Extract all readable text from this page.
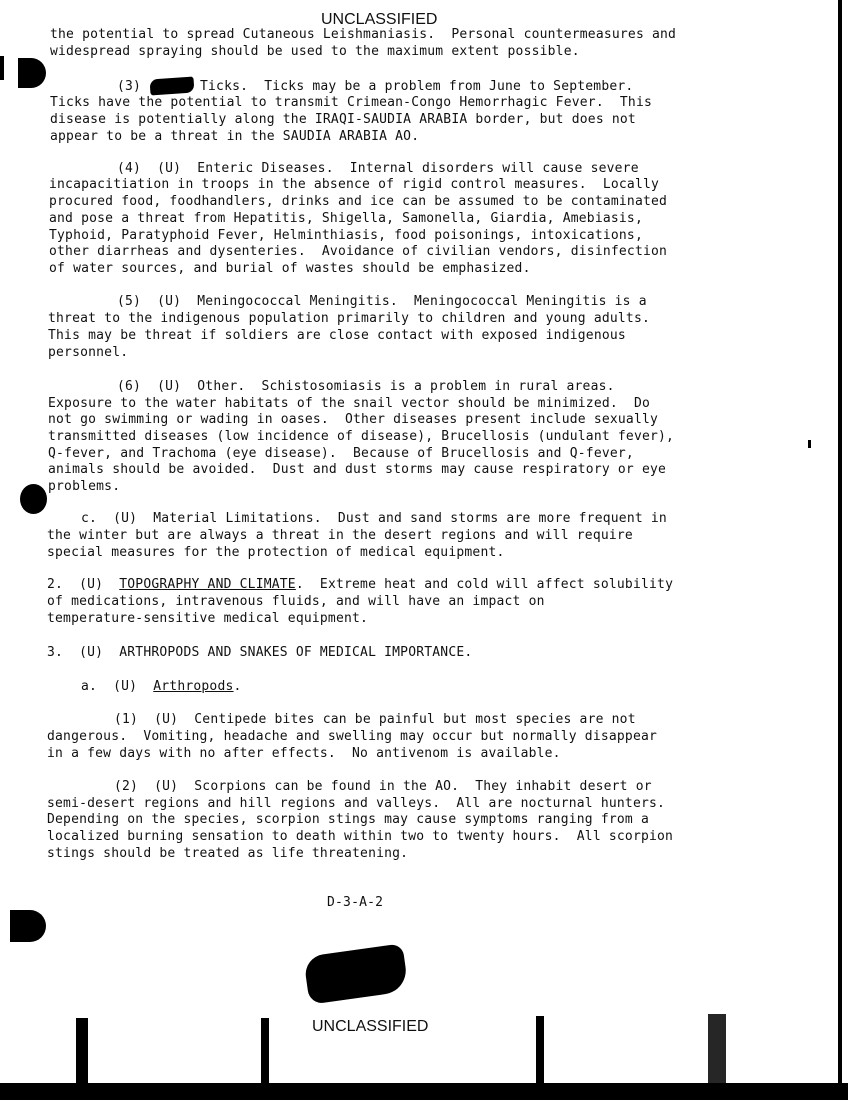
UNCLASSIFIED
the potential to spread Cutaneous Leishmaniasis.  Personal countermeasures and
widespread spraying should be used to the maximum extent possible.
(3)	Ticks.  Ticks may be a problem from June to September.
Ticks have the potential to transmit Crimean-Congo Hemorrhagic Fever.  This
disease is potentially along the IRAQI-SAUDIA ARABIA border, but does not
appear to be a threat in the SAUDIA ARABIA AO.
(4)  (U)  Enteric Diseases.  Internal disorders will cause severe
incapacitiation in troops in the absence of rigid control measures.  Locally
procured food, foodhandlers, drinks and ice can be assumed to be contaminated
and pose a threat from Hepatitis, Shigella, Samonella, Giardia, Amebiasis,
Typhoid, Paratyphoid Fever, Helminthiasis, food poisonings, intoxications,
other diarrheas and dysenteries.  Avoidance of civilian vendors, disinfection
of water sources, and burial of wastes should be emphasized.
(5)  (U)  Meningococcal Meningitis.  Meningococcal Meningitis is a
threat to the indigenous population primarily to children and young adults.
This may be threat if soldiers are close contact with exposed indigenous
personnel.
(6)  (U)  Other.  Schistosomiasis is a problem in rural areas.
Exposure to the water habitats of the snail vector should be minimized.  Do
not go swimming or wading in oases.  Other diseases present include sexually
transmitted diseases (low incidence of disease), Brucellosis (undulant fever),
Q-fever, and Trachoma (eye disease).  Because of Brucellosis and Q-fever,
animals should be avoided.  Dust and dust storms may cause respiratory or eye
problems.
c.  (U)  Material Limitations.  Dust and sand storms are more frequent in
the winter but are always a threat in the desert regions and will require
special measures for the protection of medical equipment.
2.  (U)  TOPOGRAPHY AND CLIMATE.  Extreme heat and cold will affect solubility
of medications, intravenous fluids, and will have an impact on
temperature-sensitive medical equipment.
3.  (U)  ARTHROPODS AND SNAKES OF MEDICAL IMPORTANCE.
a.  (U)  Arthropods.
(1)  (U)  Centipede bites can be painful but most species are not
dangerous.  Vomiting, headache and swelling may occur but normally disappear
in a few days with no after effects.  No antivenom is available.
(2)  (U)  Scorpions can be found in the AO.  They inhabit desert or
semi-desert regions and hill regions and valleys.  All are nocturnal hunters.
Depending on the species, scorpion stings may cause symptoms ranging from a
localized burning sensation to death within two to twenty hours.  All scorpion
stings should be treated as life threatening.
D-3-A-2
UNCLASSIFIED
